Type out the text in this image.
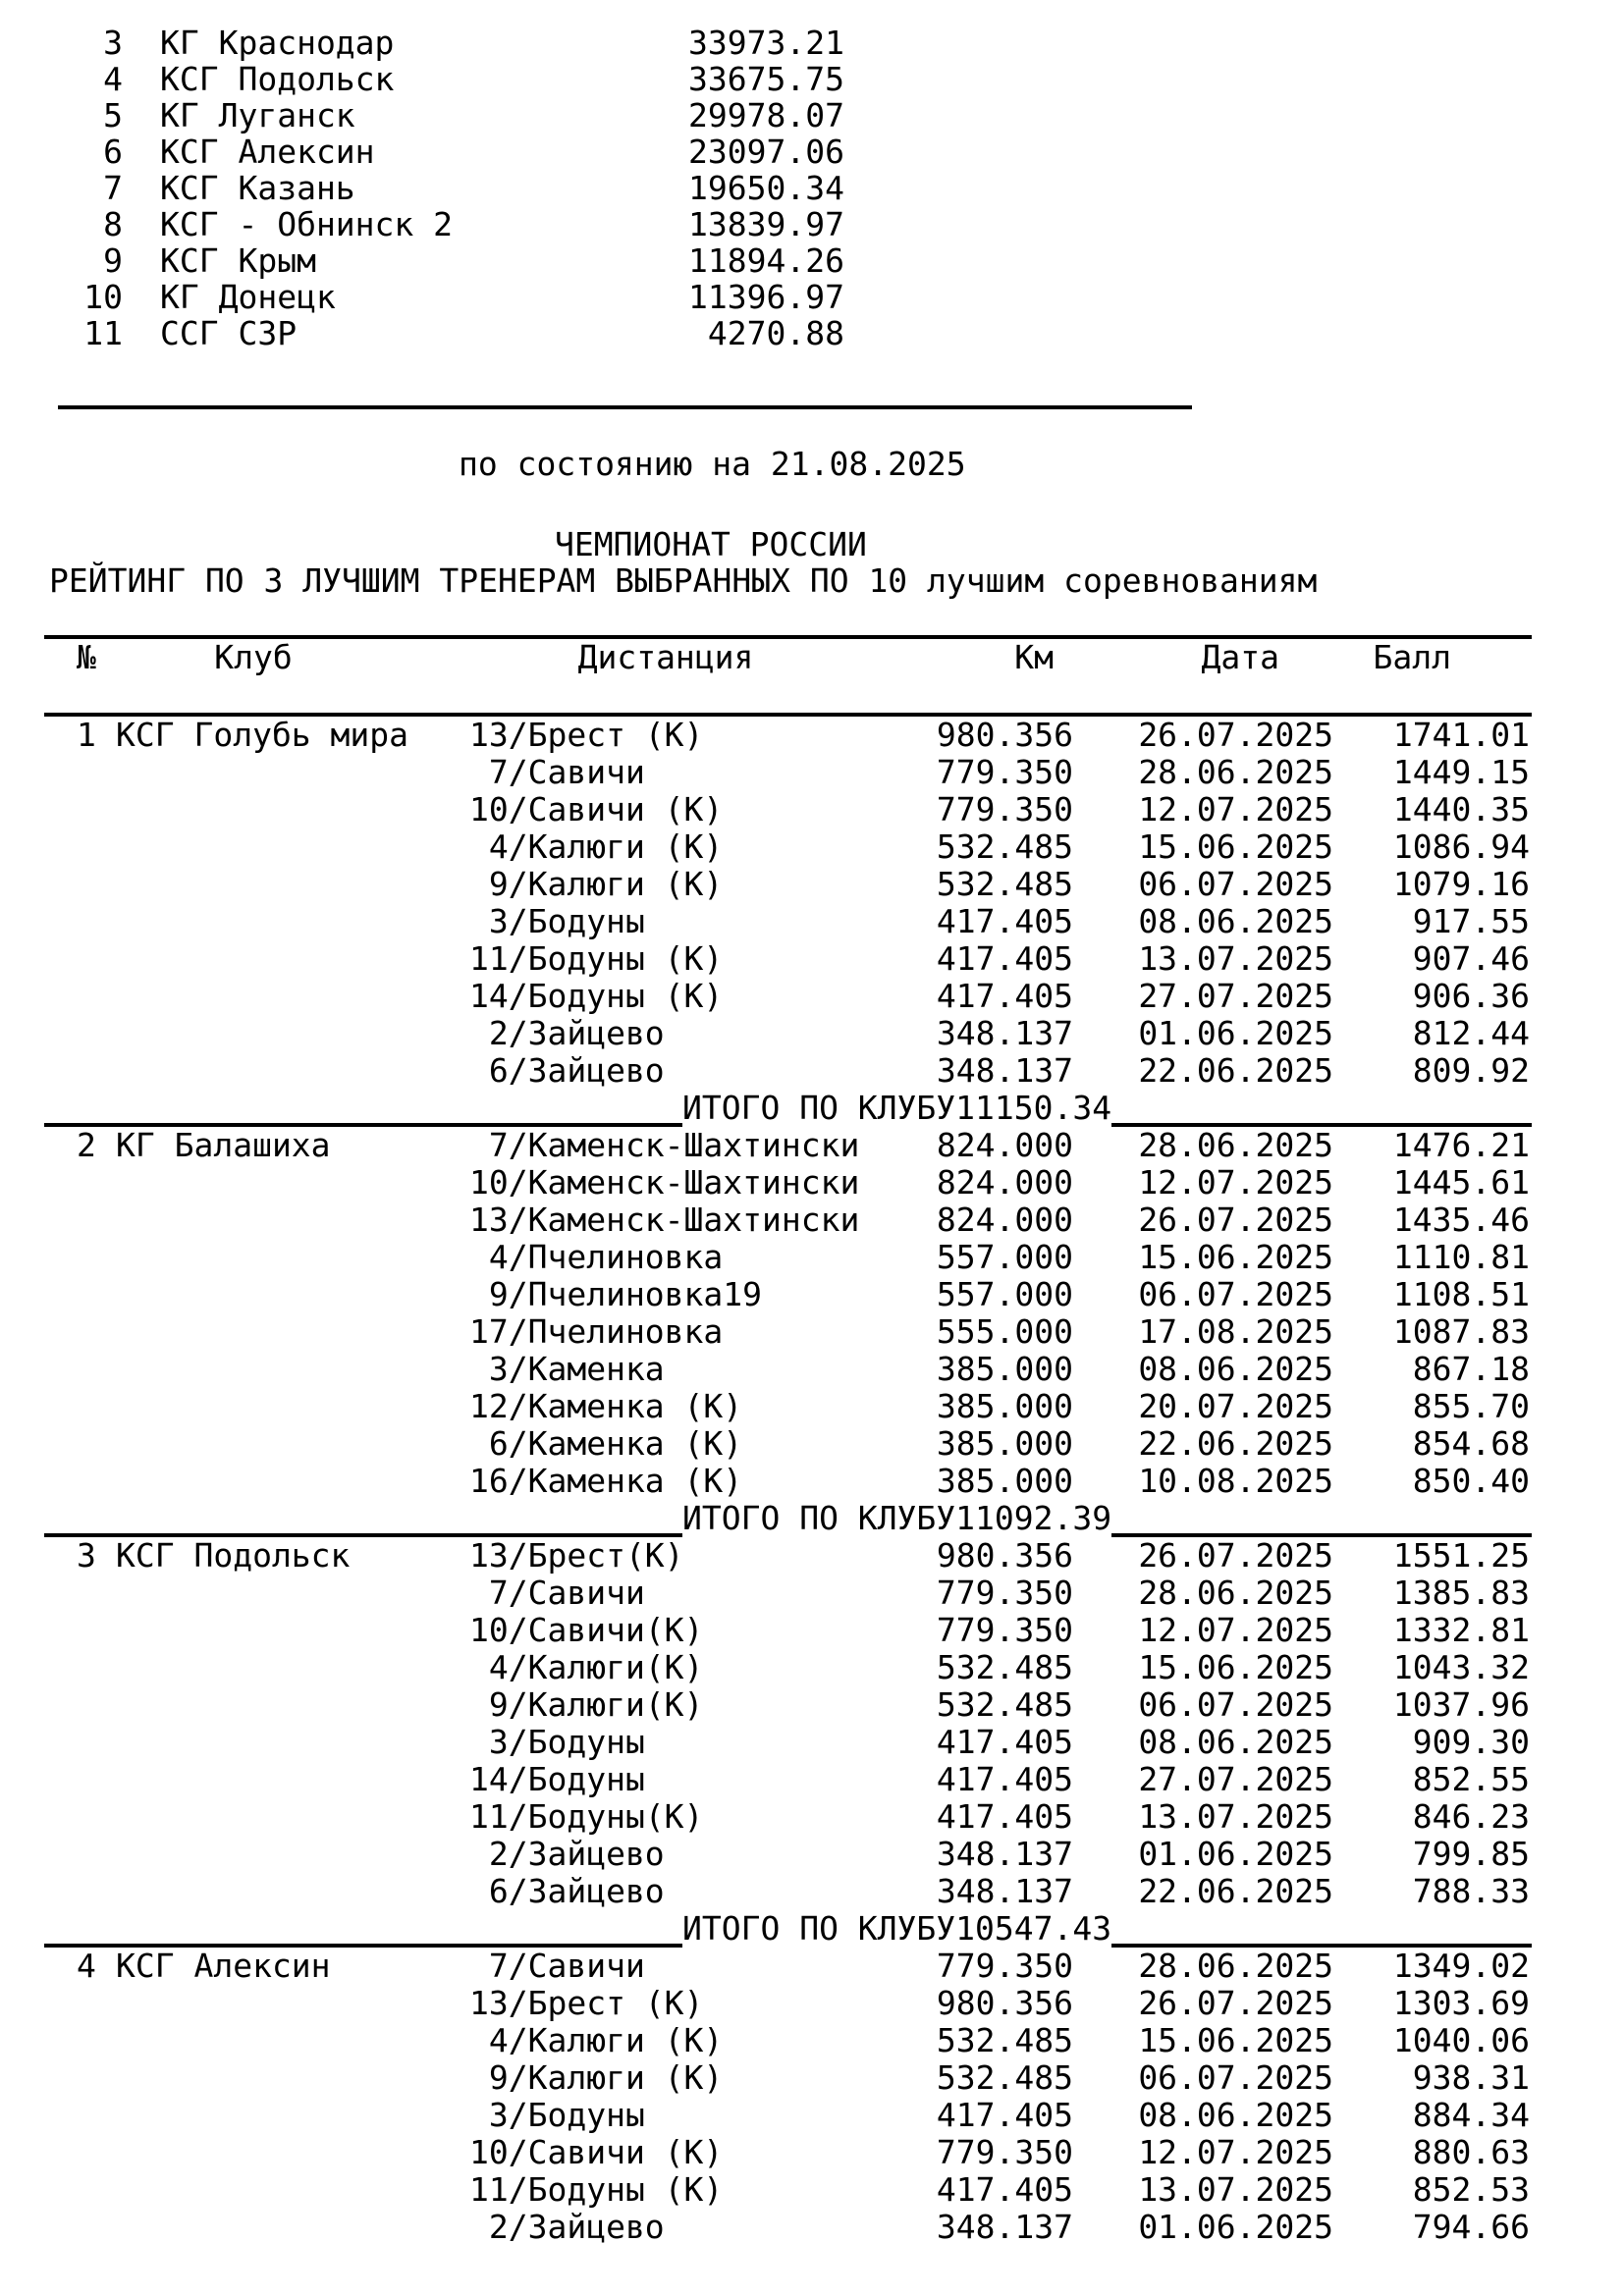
3 КГ Краснодар	33973.21
4 КСГ Подольск	33675.75
5 КГ Луганск	29978.07
6 КСГ Алексин	23097.06
7 КСГ Казань	19650.34
8 КСГ - Обнинск 2	13839.97
9 КСГ Крым	11894.26
10 КГ Донецк	11396.97
11 ССГ СЗР	4270.88
по состоянию на 21.08.2025
ЧЕМПИОНАТ РОССИИ
РЕЙТИНГ ПО 3 ЛУЧШИМ ТРЕНЕРАМ ВЫБРАННЫХ ПО 10 лучшим соревнованиям
№	Клуб	Дистанция	Км	Дата	Балл
1 КСГ Голубь мира	13/Брест (К)	980.356	26.07.2025	1741.01
7/Савичи	779.350	28.06.2025	1449.15
10/Савичи (К)	779.350	12.07.2025	1440.35
4/Калюги (К)	532.485	15.06.2025	1086.94
9/Калюги (К)	532.485	06.07.2025	1079.16
3/Бодуны	417.405	08.06.2025	917.55
11/Бодуны (К)	417.405	13.07.2025	907.46
14/Бодуны (К)	417.405	27.07.2025	906.36
2/Зайцево	348.137	01.06.2025	812.44
6/Зайцево	348.137	22.06.2025	809.92
ИТОГО ПО КЛУБУ11150.34
2 КГ Балашиха	7/Каменск-Шахтински	824.000	28.06.2025	1476.21
10/Каменск-Шахтински	824.000	12.07.2025	1445.61
13/Каменск-Шахтински	824.000	26.07.2025	1435.46
4/Пчелиновка	557.000	15.06.2025	1110.81
9/Пчелиновка19	557.000	06.07.2025	1108.51
17/Пчелиновка	555.000	17.08.2025	1087.83
3/Каменка	385.000	08.06.2025	867.18
12/Каменка (К)	385.000	20.07.2025	855.70
6/Каменка (К)	385.000	22.06.2025	854.68
16/Каменка (К)	385.000	10.08.2025	850.40
ИТОГО ПО КЛУБУ11092.39
3 КСГ Подольск	13/Брест(К)	980.356	26.07.2025	1551.25
7/Савичи	779.350	28.06.2025	1385.83
10/Савичи(К)	779.350	12.07.2025	1332.81
4/Калюги(К)	532.485	15.06.2025	1043.32
9/Калюги(К)	532.485	06.07.2025	1037.96
3/Бодуны	417.405	08.06.2025	909.30
14/Бодуны	417.405	27.07.2025	852.55
11/Бодуны(К)	417.405	13.07.2025	846.23
2/Зайцево	348.137	01.06.2025	799.85
6/Зайцево	348.137	22.06.2025	788.33
ИТОГО ПО КЛУБУ10547.43
4 КСГ Алексин	7/Савичи	779.350	28.06.2025	1349.02
13/Брест (К)	980.356	26.07.2025	1303.69
4/Калюги (К)	532.485	15.06.2025	1040.06
9/Калюги (К)	532.485	06.07.2025	938.31
3/Бодуны	417.405	08.06.2025	884.34
10/Савичи (К)	779.350	12.07.2025	880.63
11/Бодуны (К)	417.405	13.07.2025	852.53
2/Зайцево	348.137	01.06.2025	794.66
